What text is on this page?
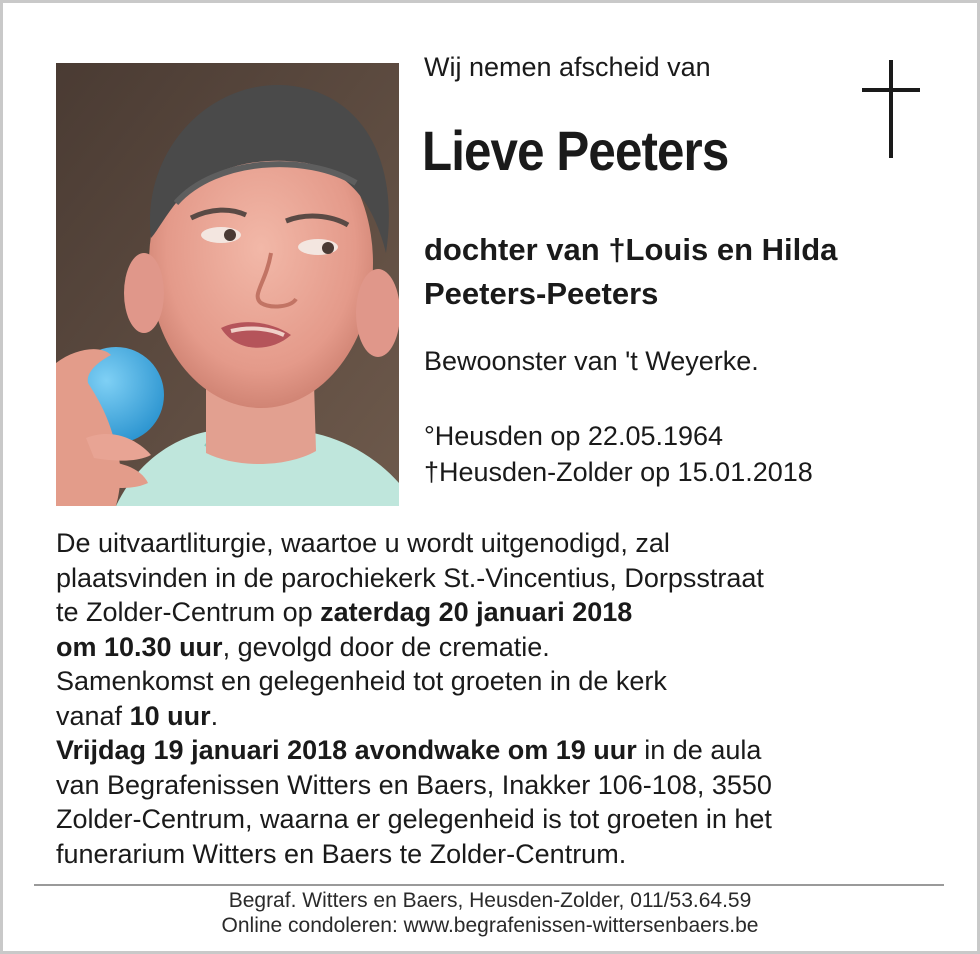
Wij nemen afscheid van
Lieve Peeters
dochter van †Louis en Hilda
Peeters-Peeters
Bewoonster van 't Weyerke.
°Heusden op 22.05.1964
†Heusden-Zolder op 15.01.2018
De uitvaartliturgie, waartoe u wordt uitgenodigd, zal
plaatsvinden in de parochiekerk St.-Vincentius, Dorpsstraat
te Zolder-Centrum op zaterdag 20 januari 2018
om 10.30 uur, gevolgd door de crematie.
Samenkomst en gelegenheid tot groeten in de kerk
vanaf 10 uur.
Vrijdag 19 januari 2018 avondwake om 19 uur in de aula
van Begrafenissen Witters en Baers, Inakker 106-108, 3550
Zolder-Centrum, waarna er gelegenheid is tot groeten in het
funerarium Witters en Baers te Zolder-Centrum.
Begraf. Witters en Baers, Heusden-Zolder, 011/53.64.59
Online condoleren: www.begrafenissen-wittersenbaers.be
